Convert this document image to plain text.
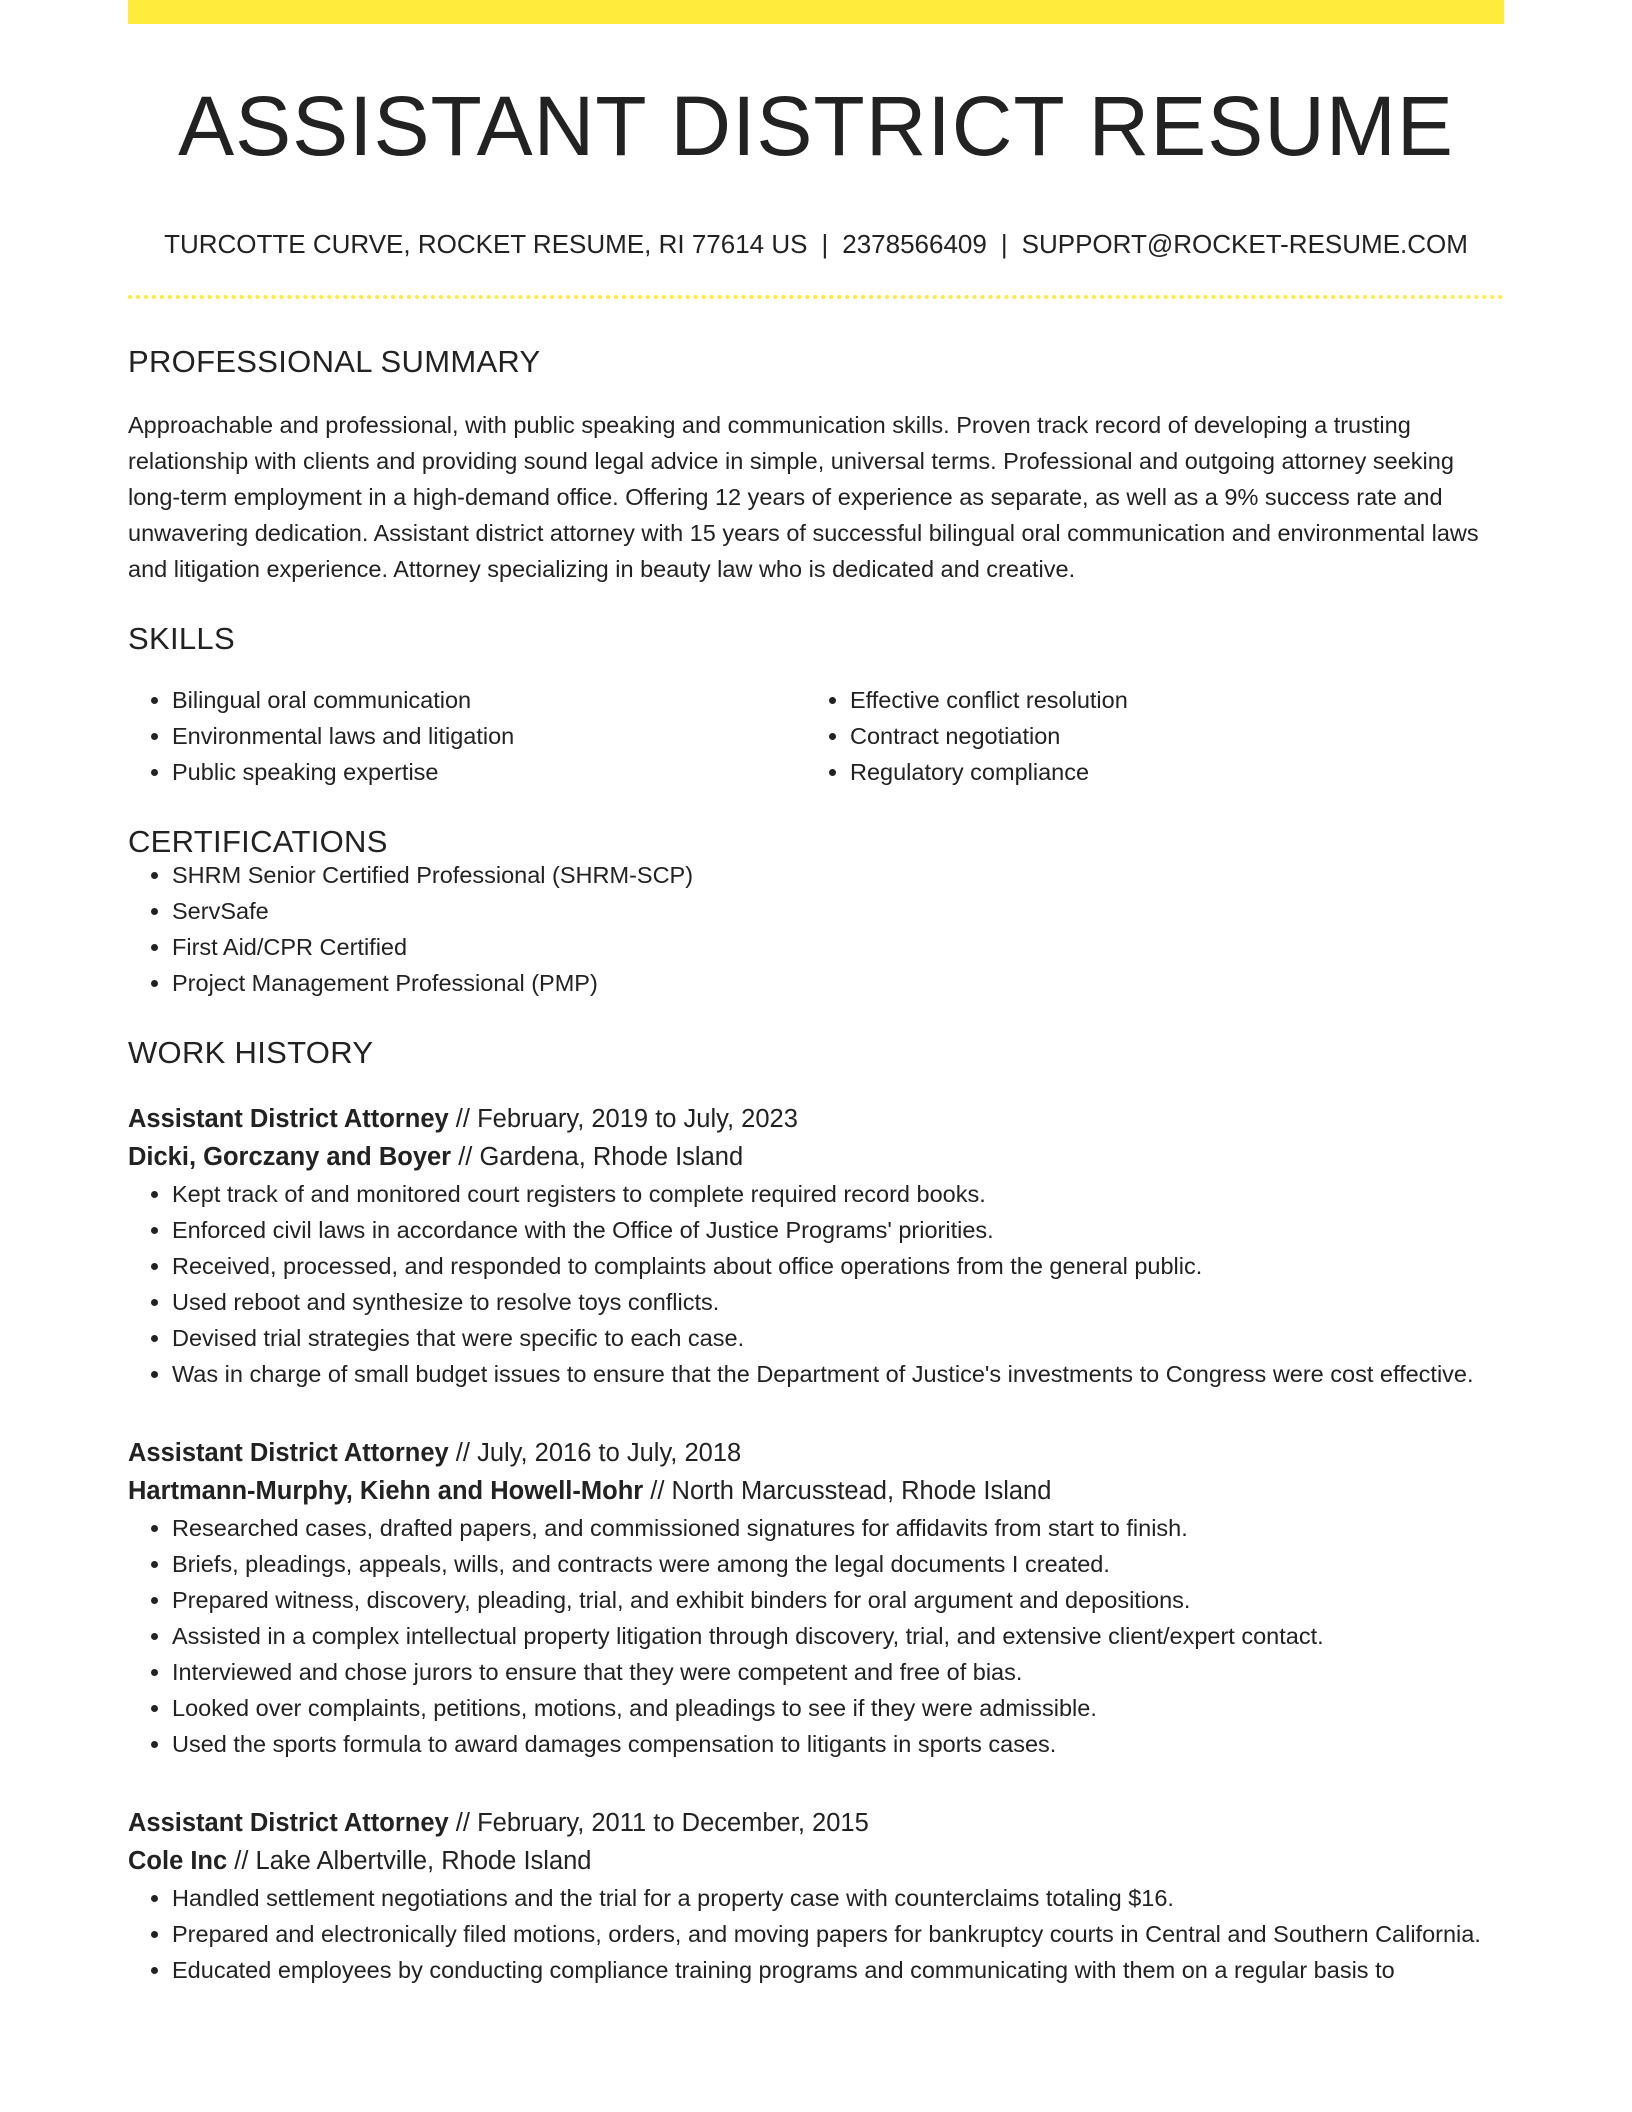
ASSISTANT DISTRICT RESUME
TURCOTTE CURVE, ROCKET RESUME, RI 77614 US | 2378566409 | SUPPORT@ROCKET-RESUME.COM
PROFESSIONAL SUMMARY

Approachable and professional, with public speaking and communication skills. Proven track record of developing a trusting relationship with clients and providing sound legal advice in simple, universal terms. Professional and outgoing attorney seeking long-term employment in a high-demand office. Offering 12 years of experience as separate, as well as a 9% success rate and unwavering dedication. Assistant district attorney with 15 years of successful bilingual oral communication and environmental laws and litigation experience. Attorney specializing in beauty law who is dedicated and creative.

SKILLS
• Bilingual oral communication
• Environmental laws and litigation
• Public speaking expertise
• Effective conflict resolution
• Contract negotiation
• Regulatory compliance
CERTIFICATIONS
• SHRM Senior Certified Professional (SHRM-SCP)
• ServSafe
• First Aid/CPR Certified
• Project Management Professional (PMP)
WORK HISTORY
Assistant District Attorney // February, 2019 to July, 2023
Dicki, Gorczany and Boyer // Gardena, Rhode Island
• Kept track of and monitored court registers to complete required record books.
• Enforced civil laws in accordance with the Office of Justice Programs' priorities.
• Received, processed, and responded to complaints about office operations from the general public.
• Used reboot and synthesize to resolve toys conflicts.
• Devised trial strategies that were specific to each case.
• Was in charge of small budget issues to ensure that the Department of Justice's investments to Congress were cost effective.
Assistant District Attorney // July, 2016 to July, 2018
Hartmann-Murphy, Kiehn and Howell-Mohr // North Marcusstead, Rhode Island
• Researched cases, drafted papers, and commissioned signatures for affidavits from start to finish.
• Briefs, pleadings, appeals, wills, and contracts were among the legal documents I created.
• Prepared witness, discovery, pleading, trial, and exhibit binders for oral argument and depositions.
• Assisted in a complex intellectual property litigation through discovery, trial, and extensive client/expert contact.
• Interviewed and chose jurors to ensure that they were competent and free of bias.
• Looked over complaints, petitions, motions, and pleadings to see if they were admissible.
• Used the sports formula to award damages compensation to litigants in sports cases.
Assistant District Attorney // February, 2011 to December, 2015
Cole Inc // Lake Albertville, Rhode Island
• Handled settlement negotiations and the trial for a property case with counterclaims totaling $16.
• Prepared and electronically filed motions, orders, and moving papers for bankruptcy courts in Central and Southern California.
• Educated employees by conducting compliance training programs and communicating with them on a regular basis to
